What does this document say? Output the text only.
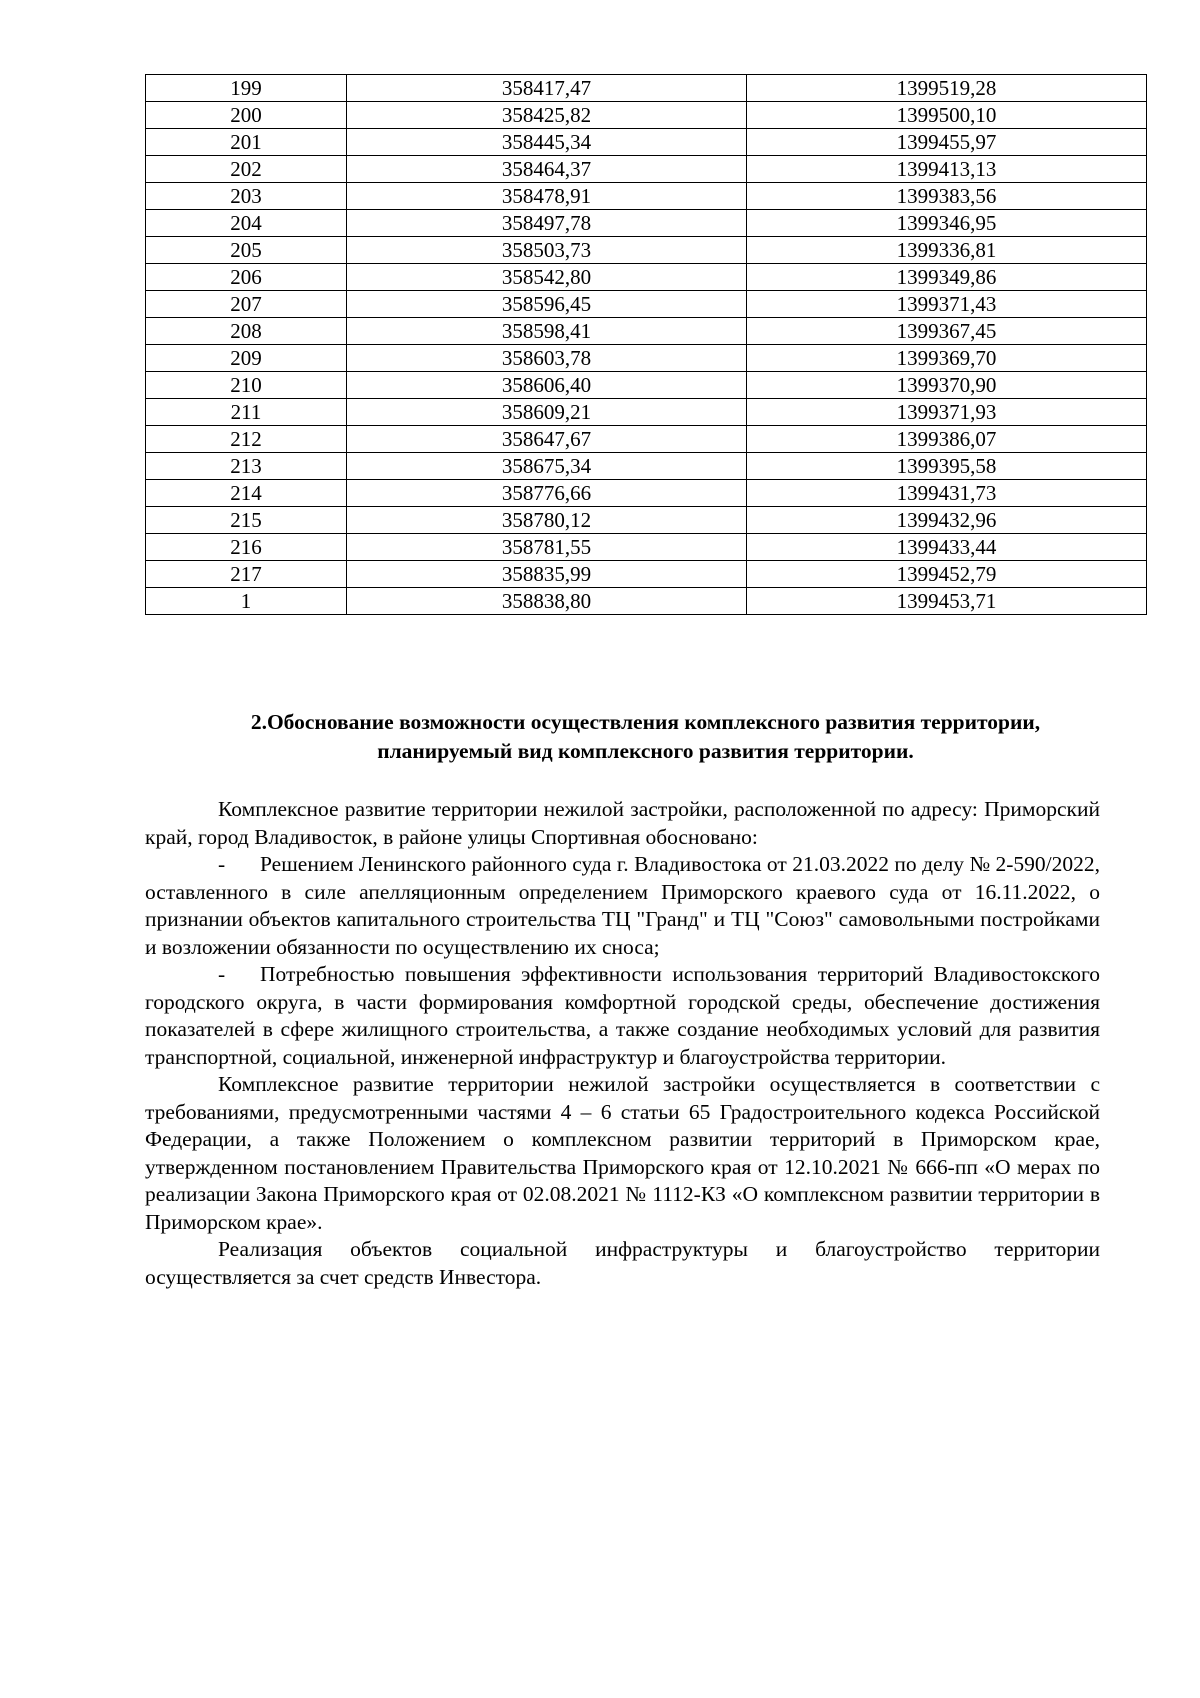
199	358417,47	1399519,28
200	358425,82	1399500,10
201	358445,34	1399455,97
202	358464,37	1399413,13
203	358478,91	1399383,56
204	358497,78	1399346,95
205	358503,73	1399336,81
206	358542,80	1399349,86
207	358596,45	1399371,43
208	358598,41	1399367,45
209	358603,78	1399369,70
210	358606,40	1399370,90
211	358609,21	1399371,93
212	358647,67	1399386,07
213	358675,34	1399395,58
214	358776,66	1399431,73
215	358780,12	1399432,96
216	358781,55	1399433,44
217	358835,99	1399452,79
1	358838,80	1399453,71
2.Обоснование возможности осуществления комплексного развития территории,
планируемый вид комплексного развития территории.

Комплексное развитие территории нежилой застройки, расположенной по адресу: Приморский край, город Владивосток, в районе улицы Спортивная обосновано:

- Решением Ленинского районного суда г. Владивостока от 21.03.2022 по делу № 2-590/2022, оставленного в силе апелляционным определением Приморского краевого суда от 16.11.2022, о признании объектов капитального строительства ТЦ "Гранд" и ТЦ "Союз" самовольными постройками и возложении обязанности по осуществлению их сноса;

- Потребностью повышения эффективности использования территорий Владивостокского городского округа, в части формирования комфортной городской среды, обеспечение достижения показателей в сфере жилищного строительства, а также создание необходимых условий для развития транспортной, социальной, инженерной инфраструктур и благоустройства территории.

Комплексное развитие территории нежилой застройки осуществляется в соответствии с требованиями, предусмотренными частями 4 – 6 статьи 65 Градостроительного кодекса Российской Федерации, а также Положением о комплексном развитии территорий в Приморском крае, утвержденном постановлением Правительства Приморского края от 12.10.2021 № 666-пп «О мерах по реализации Закона Приморского края от 02.08.2021 № 1112-КЗ «О комплексном развитии территории в Приморском крае».

Реализация объектов социальной инфраструктуры и благоустройство территории осуществляется за счет средств Инвестора.
